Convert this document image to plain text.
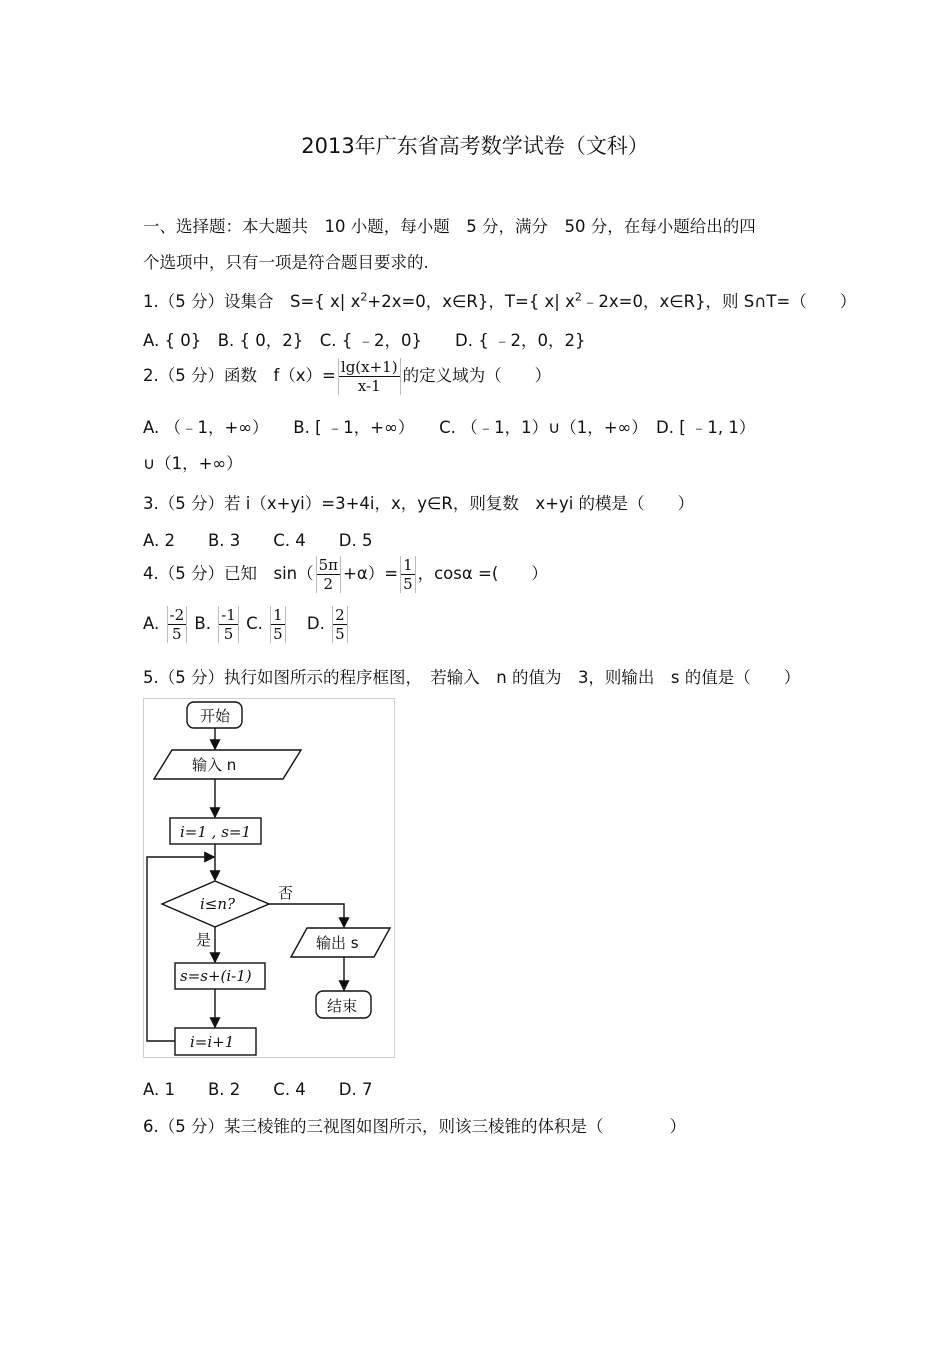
2013年广东省高考数学试卷（文科）
一、选择题：本大题共　10 小题，每小题　5 分，满分　50 分，在每小题给出的四
个选项中，只有一项是符合题目要求的.
1.（5 分）设集合　S={ x| $x^2+2x=0$，x∈R}，T={ x| $x^2﹣2x=0$，x∈R}，则 S∩T=（　　）
A. { 0}　B. { 0，2}　C. { ﹣2，0}　　D. { ﹣2，0，2}
2.（5 分）函数　$f(x)= \frac{\lg(x+1)}{x-1}$ 的定义域为（　　）
A. （﹣1，+∞）　　B. [ ﹣1，+∞）　　C. （﹣1，1）∪（1，+∞）　D. [ ﹣1, 1）
∪（1，+∞）
3.（5 分）若 i（x+yi）=3+4i，x，y∈R，则复数　x+yi 的模是（　　）
A. 2　　B. 3　　C. 4　　D. 5
4.（5 分）已知　$\sin( \frac{5\pi}{2} +\alpha)= \frac{1}{5}$ ，cosα =(　　）
A. $\frac{-2}{5} B$. $\frac{-1}{5} C$. $\frac{1}{5} D$. $\frac{2}{5}$
5.（5 分）执行如图所示的程序框图，　若输入　n 的值为　3，则输出　s 的值是（　　）
开始
输入 n
i=1 , s=1
i≤n?
否
是	输出 s
结束
s=s+(i-1)
i=i+1
A. 1　　B. 2　　C. 4　　D. 7
6.（5 分）某三棱锥的三视图如图所示，则该三棱锥的体积是（　　　　）
